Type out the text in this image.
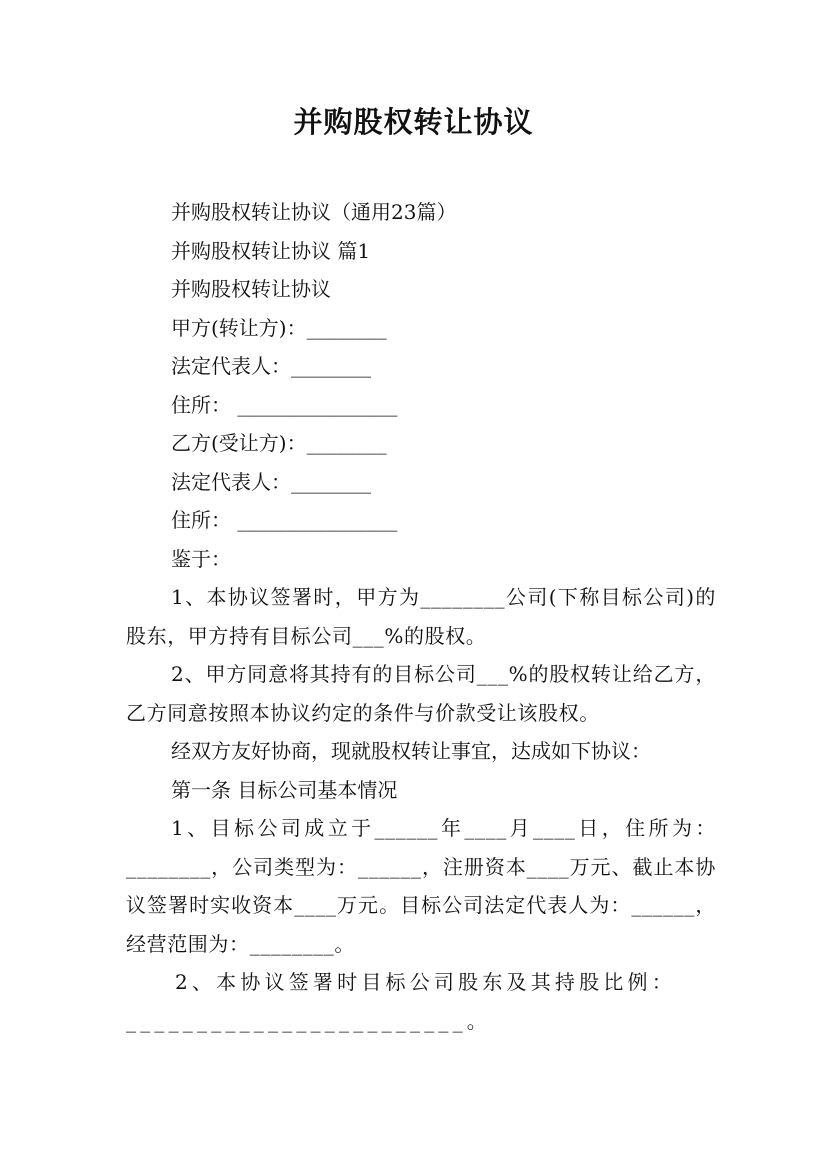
并购股权转让协议

并购股权转让协议（通用23篇）

并购股权转让协议 篇1

并购股权转让协议

甲方(转让方)：________

法定代表人：________

住所： ________________

乙方(受让方)：________

法定代表人：________

住所： ________________

鉴于：

1、本协议签署时，甲方为________公司(下称目标公司)的股东，甲方持有目标公司___%的股权。

2、甲方同意将其持有的目标公司___%的股权转让给乙方，乙方同意按照本协议约定的条件与价款受让该股权。

经双方友好协商，现就股权转让事宜，达成如下协议：

第一条 目标公司基本情况

1、目标公司成立于______年____月____日，住所为：________，公司类型为：______，注册资本____万元、截止本协议签署时实收资本____万元。目标公司法定代表人为：______，经营范围为：________。

2、本协议签署时目标公司股东及其持股比例：________________________。
